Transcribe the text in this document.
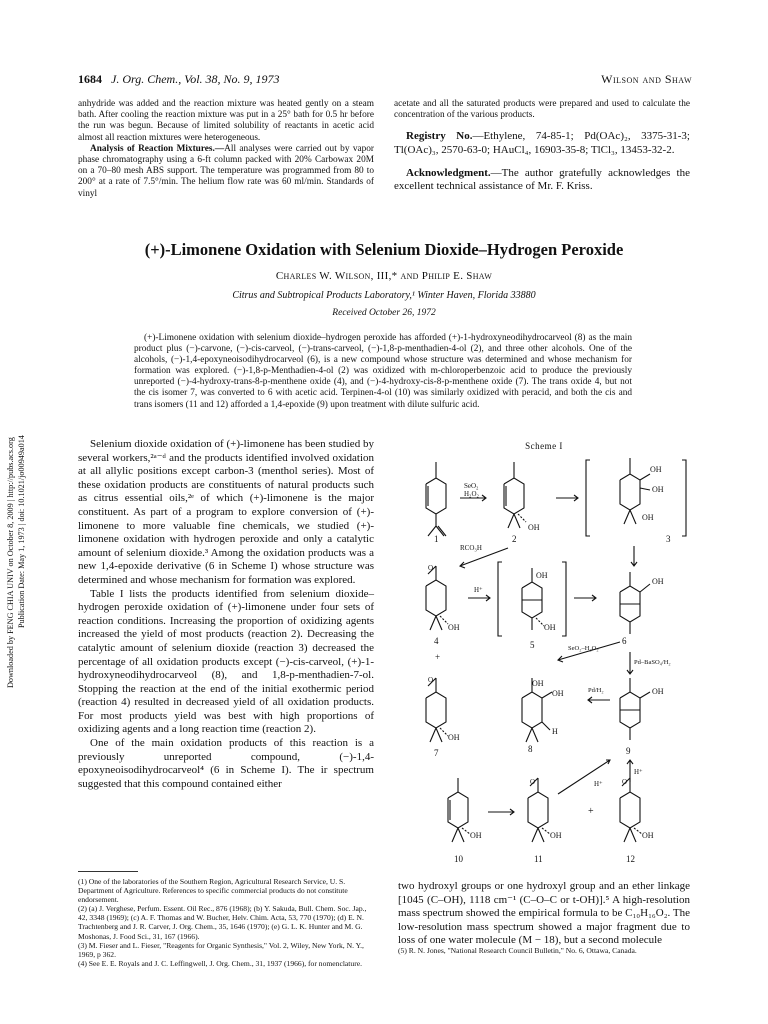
1684 J. Org. Chem., Vol. 38, No. 9, 1973	Wilson and Shaw
Downloaded by FENG CHIA UNIV on October 8, 2009 | http://pubs.acs.org Publication Date: May 1, 1973 | doi: 10.1021/jo00949a014

anhydride was added and the reaction mixture was heated gently on a steam bath. After cooling the reaction mixture was put in a 25° bath for 0.5 hr before the run was begun. Because of limited solubility of reactants in acetic acid almost all reaction mixtures were heterogeneous.

Analysis of Reaction Mixtures.—All analyses were carried out by vapor phase chromatography using a 6-ft column packed with 20% Carbowax 20M on a 70–80 mesh ABS support. The temperature was programmed from 80 to 200° at a rate of 7.5°/min. The helium flow rate was 60 ml/min. Standards of vinyl

acetate and all the saturated products were prepared and used to calculate the concentration of the various products.
Registry No.—Ethylene, 74-85-1; Pd(OAc)₂, 3375-31-3; Tl(OAc)₃, 2570-63-0; HAuCl₄, 16903-35-8; TlCl₃, 13453-32-2.
Acknowledgment.—The author gratefully acknowledges the excellent technical assistance of Mr. F. Kriss.
(+)-Limonene Oxidation with Selenium Dioxide–Hydrogen Peroxide
Charles W. Wilson, III,* and Philip E. Shaw
Citrus and Subtropical Products Laboratory,¹ Winter Haven, Florida 33880
Received October 26, 1972
(+)-Limonene oxidation with selenium dioxide–hydrogen peroxide has afforded (+)-1-hydroxyneodihydrocarveol (8) as the main product plus (−)-carvone, (−)-cis-carveol, (−)-trans-carveol, (−)-1,8-p-menthadien-4-ol (2), and three other alcohols. One of the alcohols, (−)-1,4-epoxyneoisodihydrocarveol (6), is a new compound whose structure was determined and whose mechanism for formation was explored. (−)-1,8-p-Menthadien-4-ol (2) was oxidized with m-chloroperbenzoic acid to produce the previously unreported (−)-4-hydroxy-trans-8-p-menthene oxide (4), and (−)-4-hydroxy-cis-8-p-menthene oxide (7). The trans oxide 4, but not the cis isomer 7, was converted to 6 with acetic acid. Terpinen-4-ol (10) was similarly oxidized with peracid, and both the cis and trans isomers (11 and 12) afforded a 1,4-epoxide (9) upon treatment with dilute sulfuric acid.

Selenium dioxide oxidation of (+)-limonene has been studied by several workers,²ᵃ⁻ᵈ and the products identified involved oxidation at all allylic positions except carbon-3 (menthol series). Most of these oxidation products are constituents of natural products such as citrus essential oils,²ᵉ of which (+)-limonene is the major constituent. As part of a program to explore conversion of (+)-limonene to more valuable fine chemicals, we studied (+)-limonene oxidation with hydrogen peroxide and only a catalytic amount of selenium dioxide.³ Among the oxidation products was a new 1,4-epoxide derivative (6 in Scheme I) whose structure was determined and whose mechanism for formation was explored.

Table I lists the products identified from selenium dioxide–hydrogen peroxide oxidation of (+)-limonene under four sets of reaction conditions. Increasing the proportion of oxidizing agents increased the yield of most products (reaction 2). Decreasing the catalytic amount of selenium dioxide (reaction 3) decreased the percentage of all oxidation products except (−)-cis-carveol, (+)-1-hydroxyneodihydrocarveol (8), and 1,8-p-menthadien-7-ol. Stopping the reaction at the end of the initial exothermic period (reaction 4) resulted in decreased yield of all oxidation products. For most products yield was best with high proportions of oxidizing agents and a long reaction time (reaction 2).

One of the main oxidation products of this reaction is a previously unreported compound, (−)-1,4-epoxyneoisodihydrocarveol⁴ (6 in Scheme I). The ir spectrum suggested that this compound contained either

(1) One of the laboratories of the Southern Region, Agricultural Research Service, U. S. Department of Agriculture. References to specific commercial products do not constitute endorsement.

(2) (a) J. Verghese, Perfum. Essent. Oil Rec., 876 (1968); (b) Y. Sakuda, Bull. Chem. Soc. Jap., 42, 3348 (1969); (c) A. F. Thomas and W. Bucher, Helv. Chim. Acta, 53, 770 (1970); (d) E. N. Trachtenberg and J. R. Carver, J. Org. Chem., 35, 1646 (1970); (e) G. L. K. Hunter and M. G. Moshonas, J. Food Sci., 31, 167 (1966).

(3) M. Fieser and L. Fieser, "Reagents for Organic Synthesis," Vol. 2, Wiley, New York, N. Y., 1969, p 362.

(4) See E. E. Royals and J. C. Leffingwell, J. Org. Chem., 31, 1937 (1966), for nomenclature.

two hydroxyl groups or one hydroxyl group and an ether linkage [1045 (C–OH), 1118 cm⁻¹ (C–O–C or t-OH)].⁵ A high-resolution mass spectrum showed the empirical formula to be C₁₀H₁₆O₂. The low-resolution mass spectrum showed a major fragment due to loss of one water molecule (M − 18), but a second molecule
(5) R. N. Jones, "National Research Council Bulletin," No. 6, Ottawa, Canada.
Scheme I
1
SeO₂
H₂O₂
OH
2
OH
OH
OH
3
RCO₃H
O
OH
4
+
H⁺
OH
OH
5
OH
6
SeO₂–H₂O₂
Pd–BaSO₄/H₂
O
OH
7
OH
OH
H
8
Pd/H₂	OH
9
H⁺
H⁺
OH
10
O
OH
11
+
O
OH
12
